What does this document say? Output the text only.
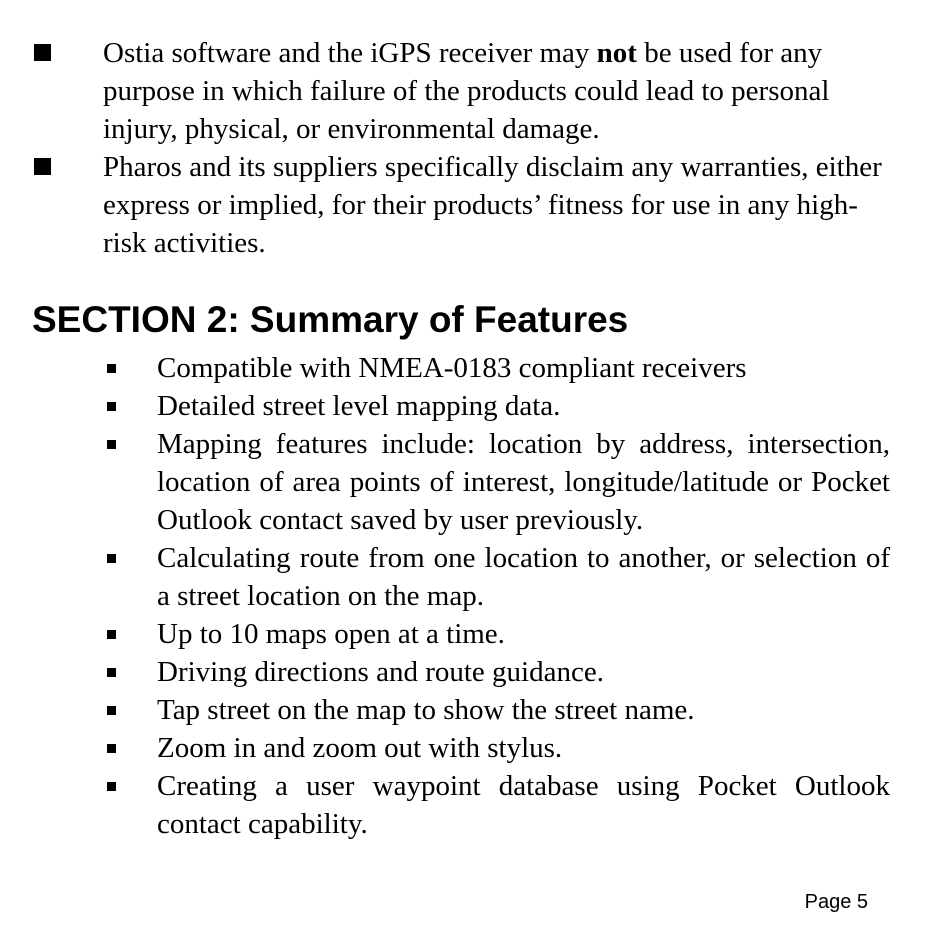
Ostia software and the iGPS receiver may not be used for any purpose in which failure of the products could lead to personal injury, physical, or environmental damage.
Pharos and its suppliers specifically disclaim any warranties, either express or implied, for their products’ fitness for use in any high-risk activities.
SECTION 2: Summary of Features
Compatible with NMEA-0183 compliant receivers
Detailed street level mapping data.
Mapping features include: location by address, intersection, location of area points of interest, longitude/latitude or Pocket Outlook contact saved by user previously.
Calculating route from one location to another, or selection of a street location on the map.
Up to 10 maps open at a time.
Driving directions and route guidance.
Tap street on the map to show the street name.
Zoom in and zoom out with stylus.
Creating a user waypoint database using Pocket Outlook contact capability.
Page 5
